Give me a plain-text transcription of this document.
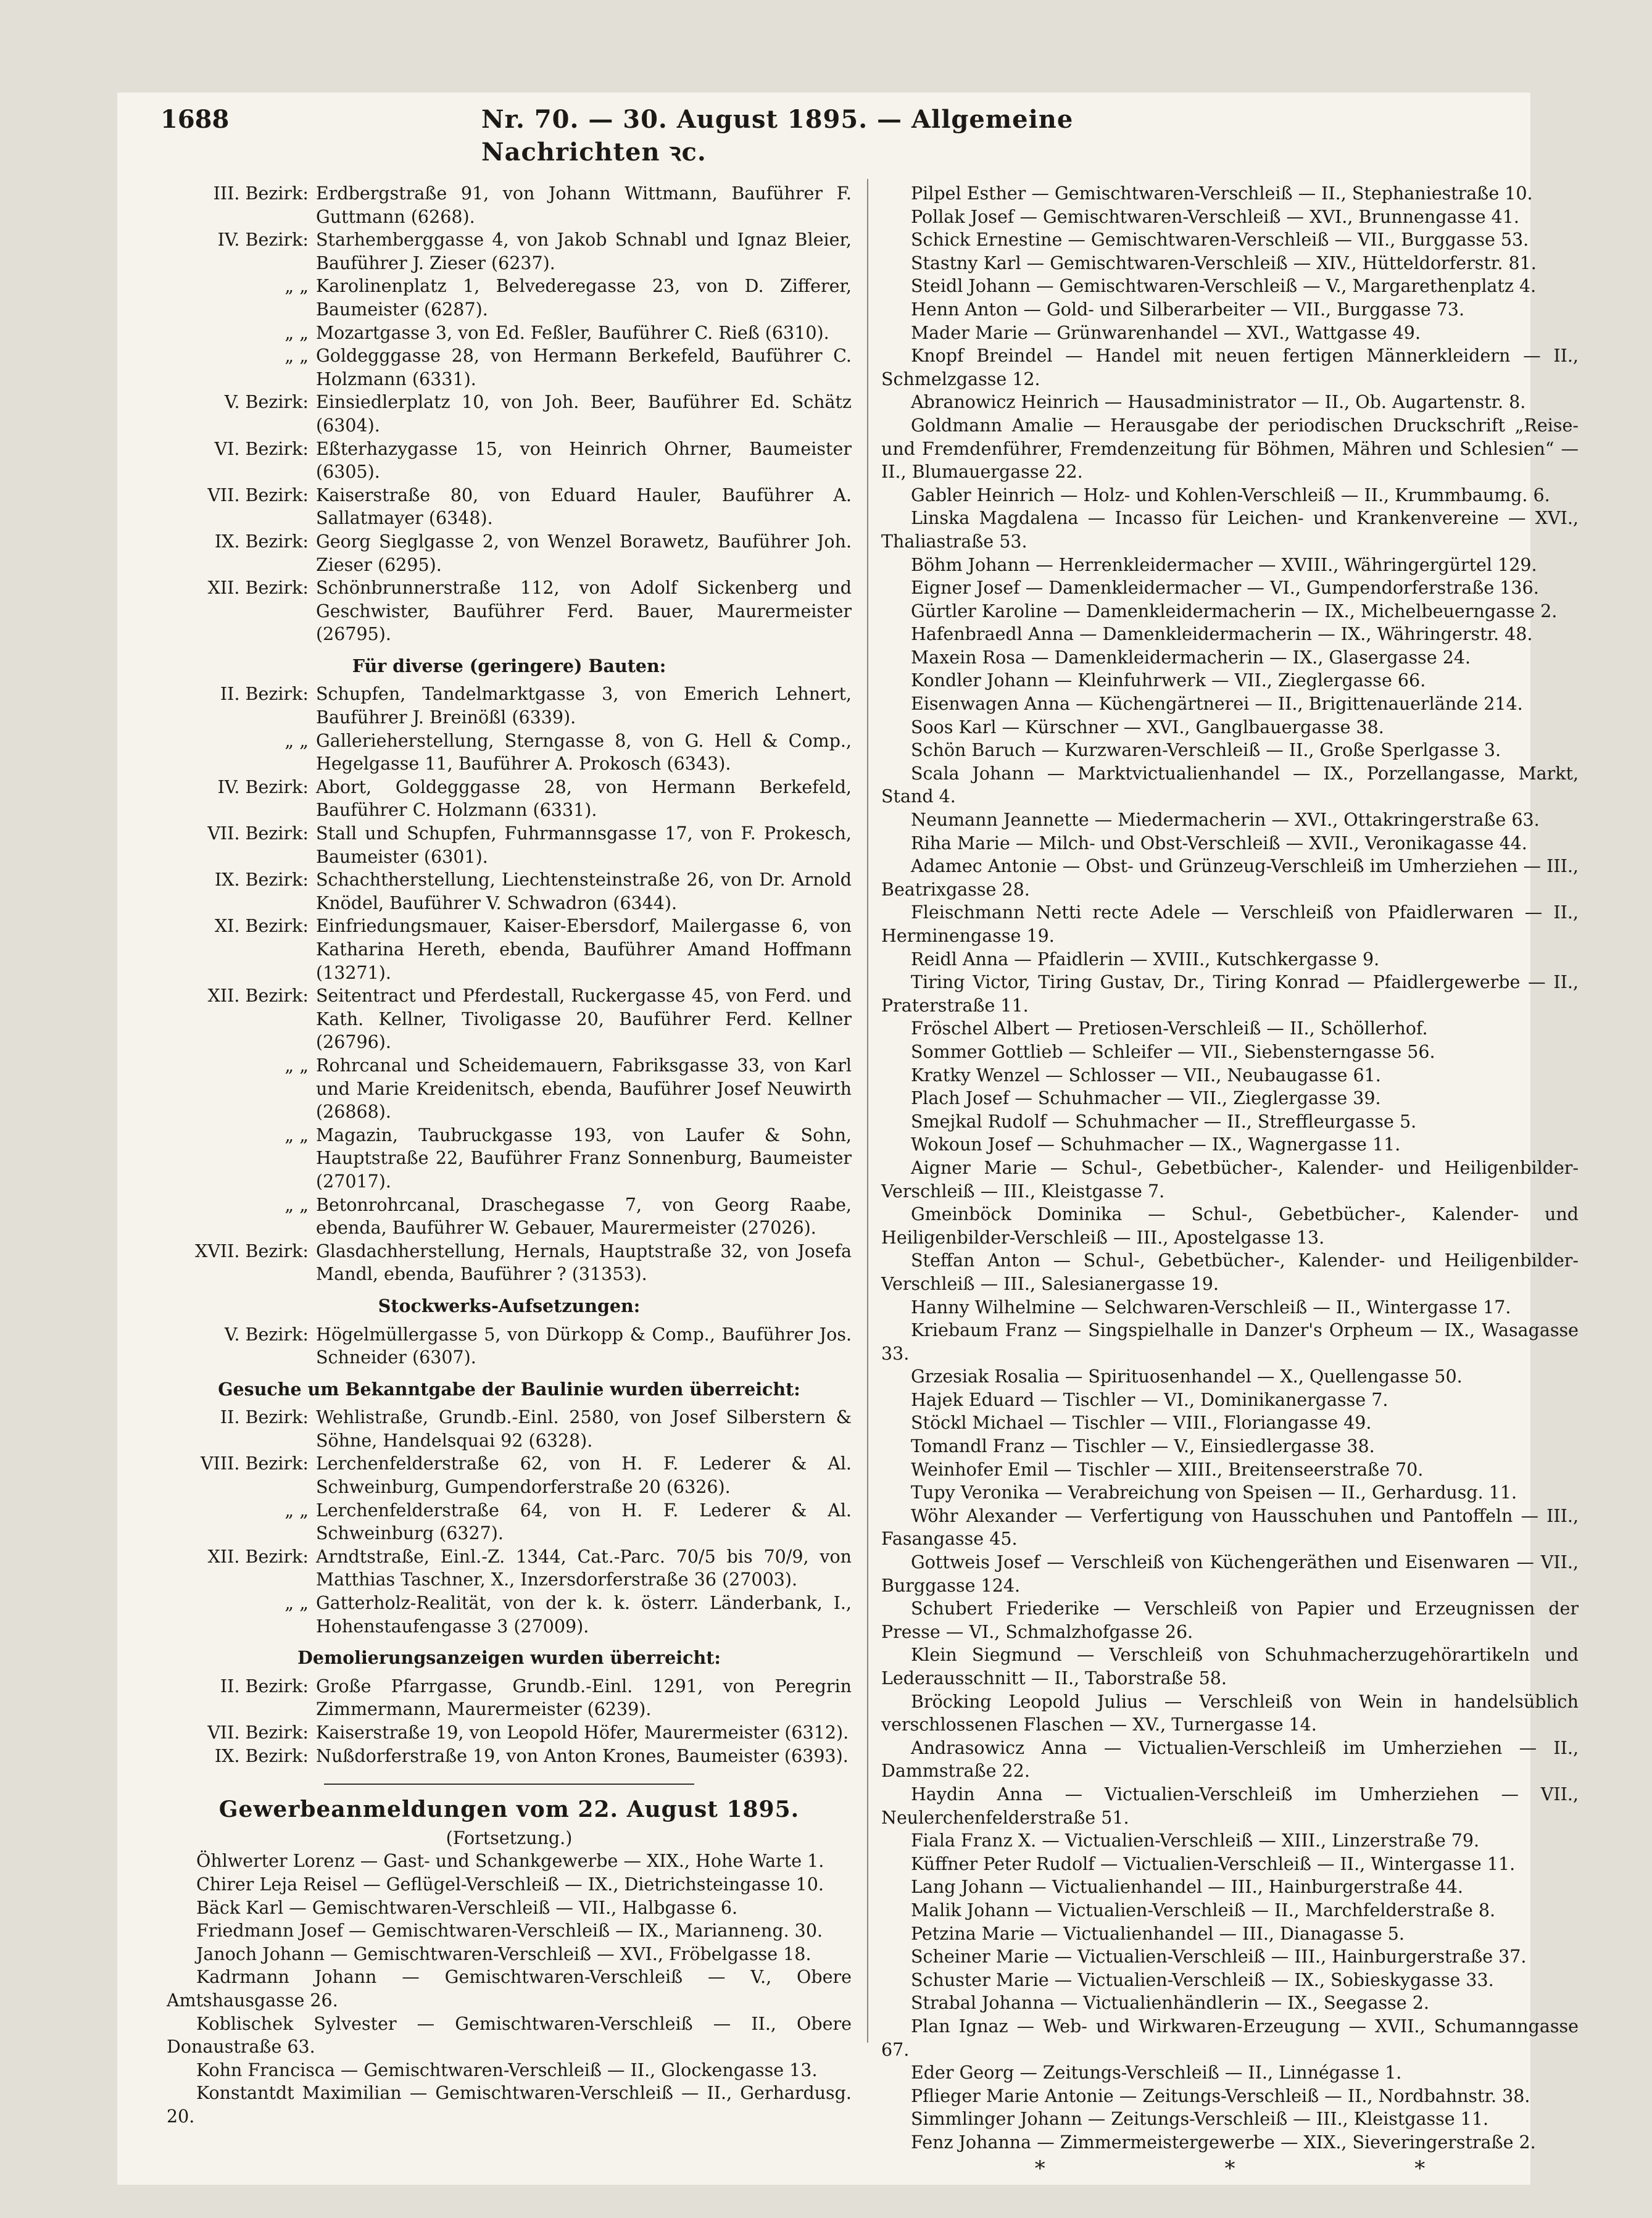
1688	Nr. 70. — 30. August 1895. — Allgemeine Nachrichten ꝛc.
III. Bezirk: Erdbergstraße 91, von Johann Wittmann, Bauführer F. Guttmann (6268).
IV. Bezirk: Starhemberggasse 4, von Jakob Schnabl und Ignaz Bleier, Bauführer J. Zieser (6237).
„ „ Karolinenplatz 1, Belvederegasse 23, von D. Zifferer, Baumeister (6287).
„ „ Mozartgasse 3, von Ed. Feßler, Bauführer C. Rieß (6310).
„ „ Goldegggasse 28, von Hermann Berkefeld, Bauführer C. Holzmann (6331).
V. Bezirk: Einsiedlerplatz 10, von Joh. Beer, Bauführer Ed. Schätz (6304).
VI. Bezirk: Eßterhazygasse 15, von Heinrich Ohrner, Baumeister (6305).
VII. Bezirk: Kaiserstraße 80, von Eduard Hauler, Bauführer A. Sallatmayer (6348).
IX. Bezirk: Georg Sieglgasse 2, von Wenzel Borawetz, Bauführer Joh. Zieser (6295).
XII. Bezirk: Schönbrunnerstraße 112, von Adolf Sickenberg und Geschwister, Bauführer Ferd. Bauer, Maurermeister (26795).
Für diverse (geringere) Bauten:
II. Bezirk: Schupfen, Tandelmarktgasse 3, von Emerich Lehnert, Bauführer J. Breinößl (6339).
„ „ Gallerieherstellung, Sterngasse 8, von G. Hell & Comp., Hegelgasse 11, Bauführer A. Prokosch (6343).
IV. Bezirk: Abort, Goldegggasse 28, von Hermann Berkefeld, Bauführer C. Holzmann (6331).
VII. Bezirk: Stall und Schupfen, Fuhrmannsgasse 17, von F. Prokesch, Baumeister (6301).
IX. Bezirk: Schachtherstellung, Liechtensteinstraße 26, von Dr. Arnold Knödel, Bauführer V. Schwadron (6344).
XI. Bezirk: Einfriedungsmauer, Kaiser-Ebersdorf, Mailergasse 6, von Katharina Hereth, ebenda, Bauführer Amand Hoffmann (13271).
XII. Bezirk: Seitentract und Pferdestall, Ruckergasse 45, von Ferd. und Kath. Kellner, Tivoligasse 20, Bauführer Ferd. Kellner (26796).
„ „ Rohrcanal und Scheidemauern, Fabriksgasse 33, von Karl und Marie Kreidenitsch, ebenda, Bauführer Josef Neuwirth (26868).
„ „ Magazin, Taubruckgasse 193, von Laufer & Sohn, Hauptstraße 22, Bauführer Franz Sonnenburg, Baumeister (27017).
„ „ Betonrohrcanal, Draschegasse 7, von Georg Raabe, ebenda, Bauführer W. Gebauer, Maurermeister (27026).
XVII. Bezirk: Glasdachherstellung, Hernals, Hauptstraße 32, von Josefa Mandl, ebenda, Bauführer ? (31353).
Stockwerks-Aufsetzungen:
V. Bezirk: Högelmüllergasse 5, von Dürkopp & Comp., Bauführer Jos. Schneider (6307).
Gesuche um Bekanntgabe der Baulinie wurden überreicht:
II. Bezirk: Wehlistraße, Grundb.-Einl. 2580, von Josef Silberstern & Söhne, Handelsquai 92 (6328).
VIII. Bezirk: Lerchenfelderstraße 62, von H. F. Lederer & Al. Schweinburg, Gumpendorferstraße 20 (6326).
„ „ Lerchenfelderstraße 64, von H. F. Lederer & Al. Schweinburg (6327).
XII. Bezirk: Arndtstraße, Einl.-Z. 1344, Cat.-Parc. 70/5 bis 70/9, von Matthias Taschner, X., Inzersdorferstraße 36 (27003).
„ „ Gatterholz-Realität, von der k. k. österr. Länderbank, I., Hohenstaufengasse 3 (27009).
Demolierungsanzeigen wurden überreicht:
II. Bezirk: Große Pfarrgasse, Grundb.-Einl. 1291, von Peregrin Zimmermann, Maurermeister (6239).
VII. Bezirk: Kaiserstraße 19, von Leopold Höfer, Maurermeister (6312).
IX. Bezirk: Nußdorferstraße 19, von Anton Krones, Baumeister (6393).
Gewerbeanmeldungen vom 22. August 1895.
(Fortsetzung.)
Öhlwerter Lorenz — Gast- und Schankgewerbe — XIX., Hohe Warte 1.
Chirer Leja Reisel — Geflügel-Verschleiß — IX., Dietrichsteingasse 10.
Bäck Karl — Gemischtwaren-Verschleiß — VII., Halbgasse 6.
Friedmann Josef — Gemischtwaren-Verschleiß — IX., Marianneng. 30.
Janoch Johann — Gemischtwaren-Verschleiß — XVI., Fröbelgasse 18.
Kadrmann Johann — Gemischtwaren-Verschleiß — V., Obere Amtshausgasse 26.
Koblischek Sylvester — Gemischtwaren-Verschleiß — II., Obere Donaustraße 63.
Kohn Francisca — Gemischtwaren-Verschleiß — II., Glockengasse 13.
Konstantdt Maximilian — Gemischtwaren-Verschleiß — II., Gerhardusg. 20.
Pilpel Esther — Gemischtwaren-Verschleiß — II., Stephaniestraße 10.
Pollak Josef — Gemischtwaren-Verschleiß — XVI., Brunnengasse 41.
Schick Ernestine — Gemischtwaren-Verschleiß — VII., Burggasse 53.
Stastny Karl — Gemischtwaren-Verschleiß — XIV., Hütteldorferstr. 81.
Steidl Johann — Gemischtwaren-Verschleiß — V., Margarethenplatz 4.
Henn Anton — Gold- und Silberarbeiter — VII., Burggasse 73.
Mader Marie — Grünwarenhandel — XVI., Wattgasse 49.
Knopf Breindel — Handel mit neuen fertigen Männerkleidern — II., Schmelzgasse 12.
Abranowicz Heinrich — Hausadministrator — II., Ob. Augartenstr. 8.
Goldmann Amalie — Herausgabe der periodischen Druckschrift „Reise- und Fremdenführer, Fremdenzeitung für Böhmen, Mähren und Schlesien“ — II., Blumauergasse 22.
Gabler Heinrich — Holz- und Kohlen-Verschleiß — II., Krummbaumg. 6.
Linska Magdalena — Incasso für Leichen- und Krankenvereine — XVI., Thaliastraße 53.
Böhm Johann — Herrenkleidermacher — XVIII., Währingergürtel 129.
Eigner Josef — Damenkleidermacher — VI., Gumpendorferstraße 136.
Gürtler Karoline — Damenkleidermacherin — IX., Michelbeuerngasse 2.
Hafenbraedl Anna — Damenkleidermacherin — IX., Währingerstr. 48.
Maxein Rosa — Damenkleidermacherin — IX., Glasergasse 24.
Kondler Johann — Kleinfuhrwerk — VII., Zieglergasse 66.
Eisenwagen Anna — Küchengärtnerei — II., Brigittenauerlände 214.
Soos Karl — Kürschner — XVI., Ganglbauergasse 38.
Schön Baruch — Kurzwaren-Verschleiß — II., Große Sperlgasse 3.
Scala Johann — Marktvictualienhandel — IX., Porzellangasse, Markt, Stand 4.
Neumann Jeannette — Miedermacherin — XVI., Ottakringerstraße 63.
Riha Marie — Milch- und Obst-Verschleiß — XVII., Veronikagasse 44.
Adamec Antonie — Obst- und Grünzeug-Verschleiß im Umherziehen — III., Beatrixgasse 28.
Fleischmann Netti recte Adele — Verschleiß von Pfaidlerwaren — II., Herminengasse 19.
Reidl Anna — Pfaidlerin — XVIII., Kutschkergasse 9.
Tiring Victor, Tiring Gustav, Dr., Tiring Konrad — Pfaidlergewerbe — II., Praterstraße 11.
Fröschel Albert — Pretiosen-Verschleiß — II., Schöllerhof.
Sommer Gottlieb — Schleifer — VII., Siebensterngasse 56.
Kratky Wenzel — Schlosser — VII., Neubaugasse 61.
Plach Josef — Schuhmacher — VII., Zieglergasse 39.
Smejkal Rudolf — Schuhmacher — II., Streffleurgasse 5.
Wokoun Josef — Schuhmacher — IX., Wagnergasse 11.
Aigner Marie — Schul-, Gebetbücher-, Kalender- und Heiligenbilder-Verschleiß — III., Kleistgasse 7.
Gmeinböck Dominika — Schul-, Gebetbücher-, Kalender- und Heiligenbilder-Verschleiß — III., Apostelgasse 13.
Steffan Anton — Schul-, Gebetbücher-, Kalender- und Heiligenbilder-Verschleiß — III., Salesianergasse 19.
Hanny Wilhelmine — Selchwaren-Verschleiß — II., Wintergasse 17.
Kriebaum Franz — Singspielhalle in Danzer's Orpheum — IX., Wasagasse 33.
Grzesiak Rosalia — Spirituosenhandel — X., Quellengasse 50.
Hajek Eduard — Tischler — VI., Dominikanergasse 7.
Stöckl Michael — Tischler — VIII., Floriangasse 49.
Tomandl Franz — Tischler — V., Einsiedlergasse 38.
Weinhofer Emil — Tischler — XIII., Breitenseerstraße 70.
Tupy Veronika — Verabreichung von Speisen — II., Gerhardusg. 11.
Wöhr Alexander — Verfertigung von Hausschuhen und Pantoffeln — III., Fasangasse 45.
Gottweis Josef — Verschleiß von Küchengeräthen und Eisenwaren — VII., Burggasse 124.
Schubert Friederike — Verschleiß von Papier und Erzeugnissen der Presse — VI., Schmalzhofgasse 26.
Klein Siegmund — Verschleiß von Schuhmacherzugehörartikeln und Lederausschnitt — II., Taborstraße 58.
Bröcking Leopold Julius — Verschleiß von Wein in handelsüblich verschlossenen Flaschen — XV., Turnergasse 14.
Andrasowicz Anna — Victualien-Verschleiß im Umherziehen — II., Dammstraße 22.
Haydin Anna — Victualien-Verschleiß im Umherziehen — VII., Neulerchenfelderstraße 51.
Fiala Franz X. — Victualien-Verschleiß — XIII., Linzerstraße 79.
Küffner Peter Rudolf — Victualien-Verschleiß — II., Wintergasse 11.
Lang Johann — Victualienhandel — III., Hainburgerstraße 44.
Malik Johann — Victualien-Verschleiß — II., Marchfelderstraße 8.
Petzina Marie — Victualienhandel — III., Dianagasse 5.
Scheiner Marie — Victualien-Verschleiß — III., Hainburgerstraße 37.
Schuster Marie — Victualien-Verschleiß — IX., Sobieskygasse 33.
Strabal Johanna — Victualienhändlerin — IX., Seegasse 2.
Plan Ignaz — Web- und Wirkwaren-Erzeugung — XVII., Schumanngasse 67.
Eder Georg — Zeitungs-Verschleiß — II., Linnégasse 1.
Pflieger Marie Antonie — Zeitungs-Verschleiß — II., Nordbahnstr. 38.
Simmlinger Johann — Zeitungs-Verschleiß — III., Kleistgasse 11.
Fenz Johanna — Zimmermeistergewerbe — XIX., Sieveringerstraße 2.
* * *
